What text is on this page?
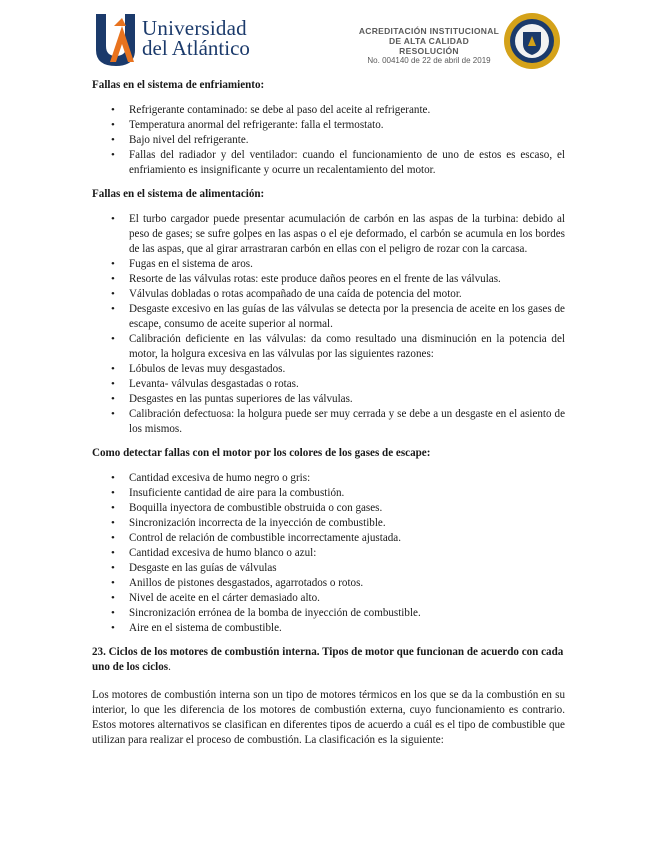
Universidad
del Atlántico
ACREDITACIÓN INSTITUCIONAL
DE ALTA CALIDAD RESOLUCIÓN
No. 004140 de 22 de abril de 2019

Fallas en el sistema de enfriamiento:

• Refrigerante contaminado: se debe al paso del aceite al refrigerante.
• Temperatura anormal del refrigerante: falla el termostato.
• Bajo nivel del refrigerante.
• Fallas del radiador y del ventilador: cuando el funcionamiento de uno de estos es escaso, el enfriamiento es insignificante y ocurre un recalentamiento del motor.

Fallas en el sistema de alimentación:

• El turbo cargador puede presentar acumulación de carbón en las aspas de la turbina: debido al peso de gases; se sufre golpes en las aspas o el eje deformado, el carbón se acumula en los bordes de las aspas, que al girar arrastraran carbón en ellas con el peligro de rozar con la carcasa.
• Fugas en el sistema de aros.
• Resorte de las válvulas rotas: este produce daños peores en el frente de las válvulas.
• Válvulas dobladas o rotas acompañado de una caída de potencia del motor.
• Desgaste excesivo en las guías de las válvulas se detecta por la presencia de aceite en los gases de escape, consumo de aceite superior al normal.
• Calibración deficiente en las válvulas: da como resultado una disminución en la potencia del motor, la holgura excesiva en las válvulas por las siguientes razones:
• Lóbulos de levas muy desgastados.
• Levanta- válvulas desgastadas o rotas.
• Desgastes en las puntas superiores de las válvulas.
• Calibración defectuosa: la holgura puede ser muy cerrada y se debe a un desgaste en el asiento de los mismos.

Como detectar fallas con el motor por los colores de los gases de escape:

• Cantidad excesiva de humo negro o gris:
• Insuficiente cantidad de aire para la combustión.
• Boquilla inyectora de combustible obstruida o con gases.
• Sincronización incorrecta de la inyección de combustible.
• Control de relación de combustible incorrectamente ajustada.
• Cantidad excesiva de humo blanco o azul:
• Desgaste en las guías de válvulas
• Anillos de pistones desgastados, agarrotados o rotos.
• Nivel de aceite en el cárter demasiado alto.
• Sincronización errónea de la bomba de inyección de combustible.
• Aire en el sistema de combustible.

23. Ciclos de los motores de combustión interna. Tipos de motor que funcionan de acuerdo con cada uno de los ciclos.

Los motores de combustión interna son un tipo de motores térmicos en los que se da la combustión en su interior, lo que les diferencia de los motores de combustión externa, cuyo funcionamiento es contrario. Estos motores alternativos se clasifican en diferentes tipos de acuerdo a cuál es el tipo de combustible que utilizan para realizar el proceso de combustión. La clasificación es la siguiente:
